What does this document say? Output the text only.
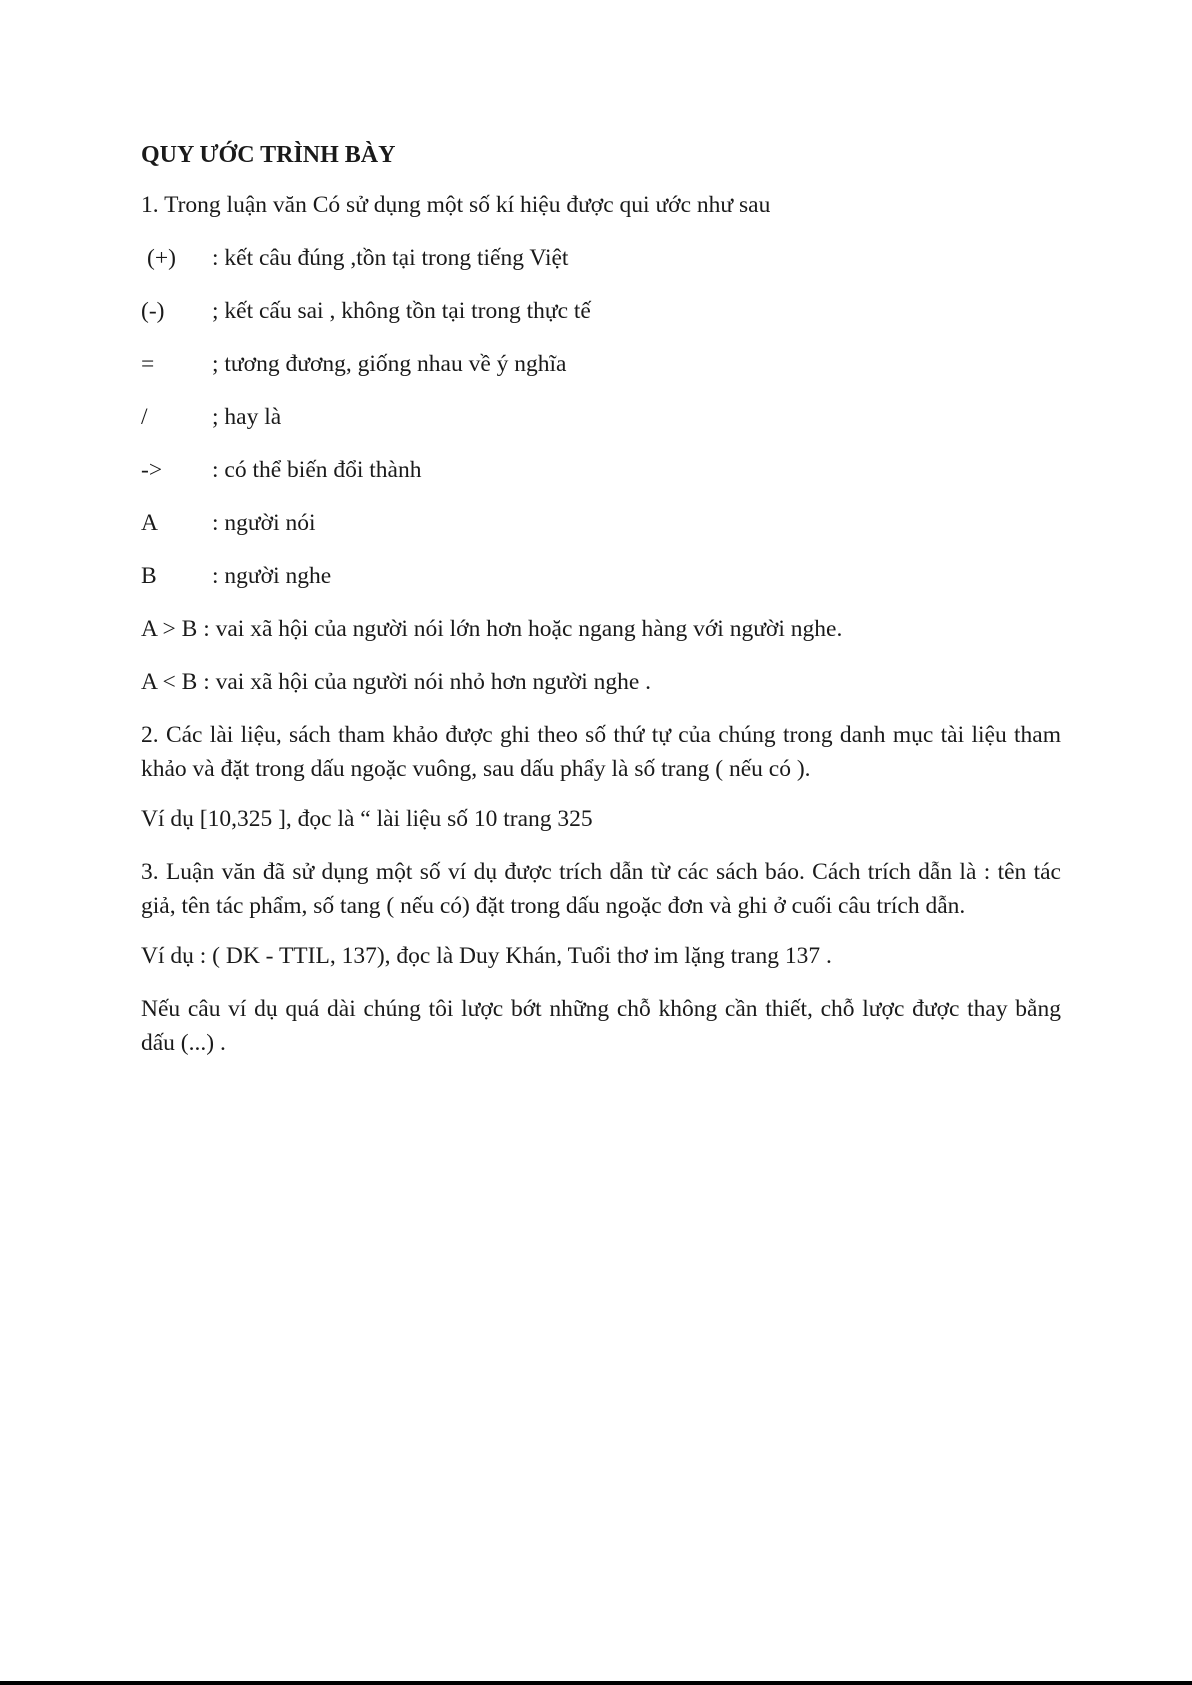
QUY ƯỚC TRÌNH BÀY
1. Trong luận văn Có sử dụng một số kí hiệu được qui ước như sau
(+)	: kết câu đúng ,tồn tại trong tiếng Việt
(-)	; kết cấu sai , không tồn tại trong thực tế
=	; tương đương, giống nhau về ý nghĩa
/	; hay là
->	: có thể biến đổi thành
A	: người nói
B	: người nghe
A > B : vai xã hội của người nói lớn hơn hoặc ngang hàng với người nghe.
A < B : vai xã hội của người nói nhỏ hơn người nghe .
2. Các lài liệu, sách tham khảo được ghi theo số thứ tự của chúng trong danh mục tài liệu tham khảo và đặt trong dấu ngoặc vuông, sau dấu phẩy là số trang ( nếu có ).
Ví dụ [10,325 ], đọc là “ lài liệu số 10 trang 325
3. Luận văn đã sử dụng một số ví dụ được trích dẫn từ các sách báo. Cách trích dẫn là : tên tác giả, tên tác phẩm, số tang ( nếu có) đặt trong dấu ngoặc đơn và ghi ở cuối câu trích dẫn.
Ví dụ : ( DK - TTIL, 137), đọc là Duy Khán, Tuổi thơ im lặng trang 137 .
Nếu câu ví dụ quá dài chúng tôi lược bớt những chỗ không cần thiết, chỗ lược được thay bằng dấu (...) .
